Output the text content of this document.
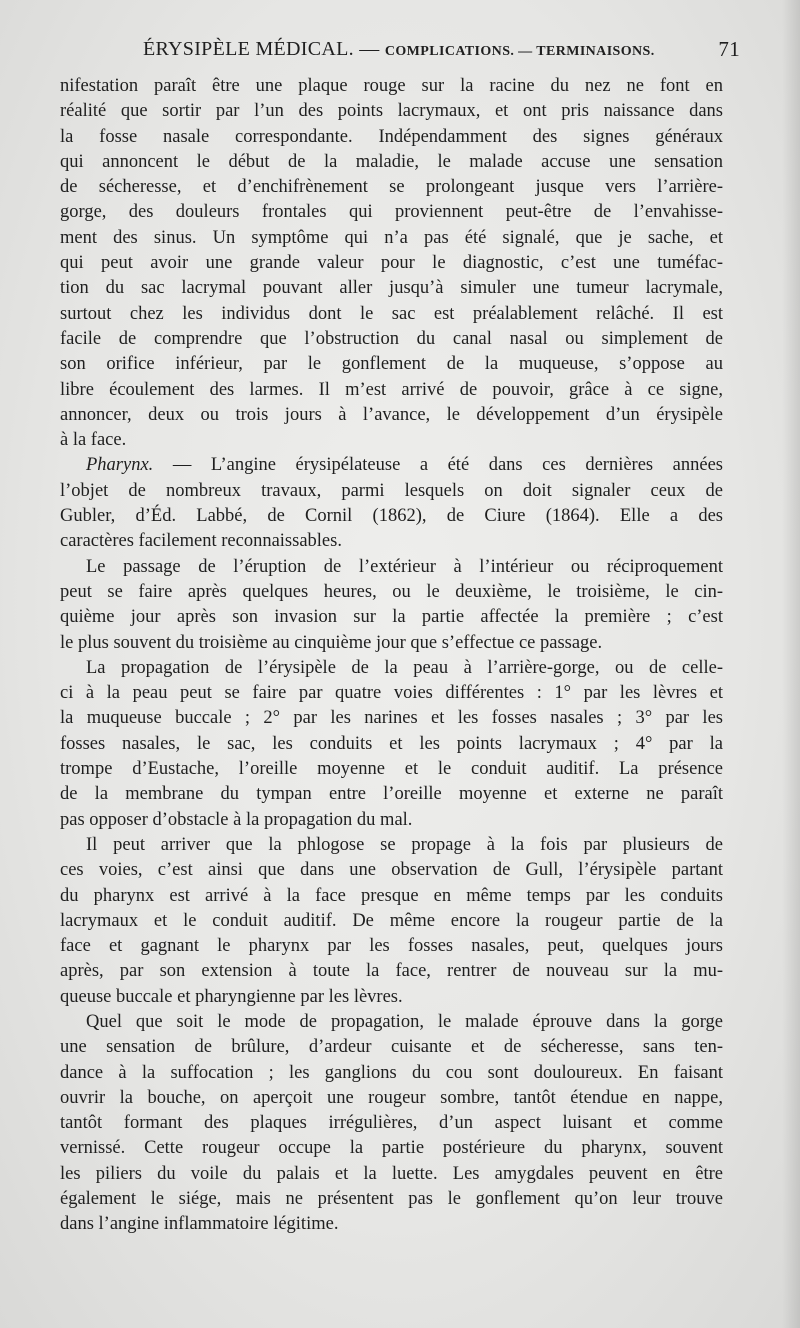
ÉRYSIPÈLE MÉDICAL. — COMPLICATIONS. — TERMINAISONS.	71
nifestation paraît être une plaque rouge sur la racine du nez ne font en
réalité que sortir par l’un des points lacrymaux, et ont pris naissance dans
la fosse nasale correspondante. Indépendamment des signes généraux
qui annoncent le début de la maladie, le malade accuse une sensation
de sécheresse, et d’enchifrènement se prolongeant jusque vers l’arrière-
gorge, des douleurs frontales qui proviennent peut-être de l’envahisse-
ment des sinus. Un symptôme qui n’a pas été signalé, que je sache, et
qui peut avoir une grande valeur pour le diagnostic, c’est une tuméfac-
tion du sac lacrymal pouvant aller jusqu’à simuler une tumeur lacrymale,
surtout chez les individus dont le sac est préalablement relâché. Il est
facile de comprendre que l’obstruction du canal nasal ou simplement de
son orifice inférieur, par le gonflement de la muqueuse, s’oppose au
libre écoulement des larmes. Il m’est arrivé de pouvoir, grâce à ce signe,
annoncer, deux ou trois jours à l’avance, le développement d’un érysipèle
à la face.
Pharynx. — L’angine érysipélateuse a été dans ces dernières années
l’objet de nombreux travaux, parmi lesquels on doit signaler ceux de
Gubler, d’Éd. Labbé, de Cornil (1862), de Ciure (1864). Elle a des
caractères facilement reconnaissables.
Le passage de l’éruption de l’extérieur à l’intérieur ou réciproquement
peut se faire après quelques heures, ou le deuxième, le troisième, le cin-
quième jour après son invasion sur la partie affectée la première ; c’est
le plus souvent du troisième au cinquième jour que s’effectue ce passage.
La propagation de l’érysipèle de la peau à l’arrière-gorge, ou de celle-
ci à la peau peut se faire par quatre voies différentes : 1° par les lèvres et
la muqueuse buccale ; 2° par les narines et les fosses nasales ; 3° par les
fosses nasales, le sac, les conduits et les points lacrymaux ; 4° par la
trompe d’Eustache, l’oreille moyenne et le conduit auditif. La présence
de la membrane du tympan entre l’oreille moyenne et externe ne paraît
pas opposer d’obstacle à la propagation du mal.
Il peut arriver que la phlogose se propage à la fois par plusieurs de
ces voies, c’est ainsi que dans une observation de Gull, l’érysipèle partant
du pharynx est arrivé à la face presque en même temps par les conduits
lacrymaux et le conduit auditif. De même encore la rougeur partie de la
face et gagnant le pharynx par les fosses nasales, peut, quelques jours
après, par son extension à toute la face, rentrer de nouveau sur la mu-
queuse buccale et pharyngienne par les lèvres.
Quel que soit le mode de propagation, le malade éprouve dans la gorge
une sensation de brûlure, d’ardeur cuisante et de sécheresse, sans ten-
dance à la suffocation ; les ganglions du cou sont douloureux. En faisant
ouvrir la bouche, on aperçoit une rougeur sombre, tantôt étendue en nappe,
tantôt formant des plaques irrégulières, d’un aspect luisant et comme
vernissé. Cette rougeur occupe la partie postérieure du pharynx, souvent
les piliers du voile du palais et la luette. Les amygdales peuvent en être
également le siége, mais ne présentent pas le gonflement qu’on leur trouve
dans l’angine inflammatoire légitime.
